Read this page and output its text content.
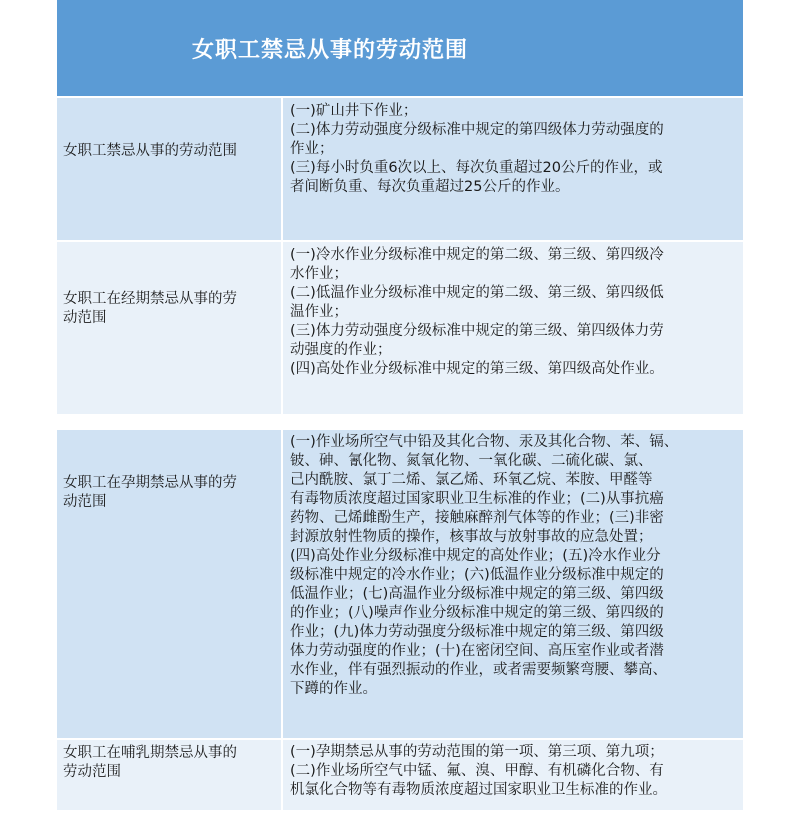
女职工禁忌从事的劳动范围
女职工禁忌从事的劳动范围
(一)矿山井下作业；
(二)体力劳动强度分级标准中规定的第四级体力劳动强度的
作业；
(三)每小时负重6次以上、每次负重超过20公斤的作业，或
者间断负重、每次负重超过25公斤的作业。
女职工在经期禁忌从事的劳
动范围
(一)冷水作业分级标准中规定的第二级、第三级、第四级冷
水作业；
(二)低温作业分级标准中规定的第二级、第三级、第四级低
温作业；
(三)体力劳动强度分级标准中规定的第三级、第四级体力劳
动强度的作业；
(四)高处作业分级标准中规定的第三级、第四级高处作业。
女职工在孕期禁忌从事的劳
动范围
(一)作业场所空气中铅及其化合物、汞及其化合物、苯、镉、
铍、砷、氰化物、氮氧化物、一氧化碳、二硫化碳、氯、
己内酰胺、氯丁二烯、氯乙烯、环氧乙烷、苯胺、甲醛等
有毒物质浓度超过国家职业卫生标准的作业；(二)从事抗癌
药物、己烯雌酚生产，接触麻醉剂气体等的作业；(三)非密
封源放射性物质的操作，核事故与放射事故的应急处置；
(四)高处作业分级标准中规定的高处作业；(五)冷水作业分
级标准中规定的冷水作业；(六)低温作业分级标准中规定的
低温作业；(七)高温作业分级标准中规定的第三级、第四级
的作业；(八)噪声作业分级标准中规定的第三级、第四级的
作业；(九)体力劳动强度分级标准中规定的第三级、第四级
体力劳动强度的作业；(十)在密闭空间、高压室作业或者潜
水作业，伴有强烈振动的作业，或者需要频繁弯腰、攀高、
下蹲的作业。
女职工在哺乳期禁忌从事的
劳动范围
(一)孕期禁忌从事的劳动范围的第一项、第三项、第九项；
(二)作业场所空气中锰、氟、溴、甲醇、有机磷化合物、有
机氯化合物等有毒物质浓度超过国家职业卫生标准的作业。
